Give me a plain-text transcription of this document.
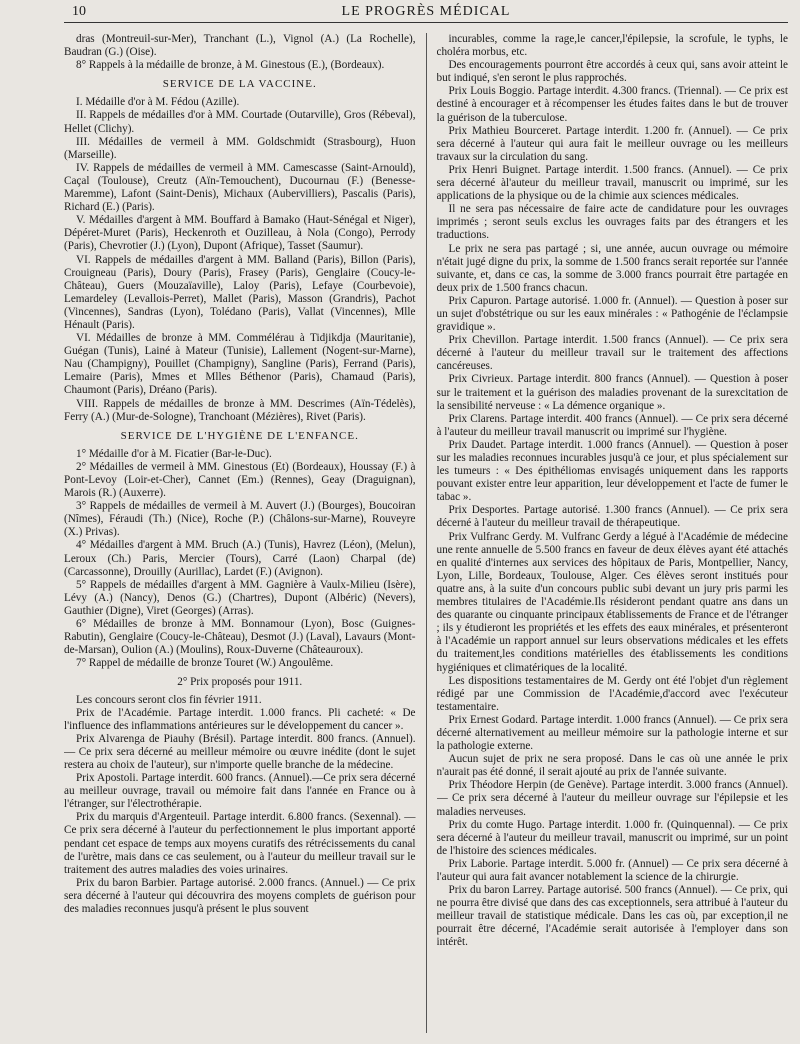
10	LE PROGRÈS MÉDICAL

dras (Montreuil-sur-Mer), Tranchant (L.), Vignol (A.) (La Rochelle), Baudran (G.) (Oise).

8° Rappels à la médaille de bronze, à M. Ginestous (E.), (Bordeaux).

SERVICE DE LA VACCINE.

I. Médaille d'or à M. Fédou (Azille).

II. Rappels de médailles d'or à MM. Courtade (Outarville), Gros (Rébeval), Hellet (Clichy).

III. Médailles de vermeil à MM. Goldschmidt (Strasbourg), Huon (Marseille).

IV. Rappels de médailles de vermeil à MM. Camescasse (Saint-Arnould), Caçal (Toulouse), Creutz (Aïn-Temouchent), Ducournau (F.) (Benesse-Maremme), Lafont (Saint-Denis), Michaux (Aubervilliers), Pascalis (Paris), Richard (E.) (Paris).

V. Médailles d'argent à MM. Bouffard à Bamako (Haut-Sénégal et Niger), Dépéret-Muret (Paris), Heckenroth et Ouzilleau, à Nola (Congo), Perrody (Paris), Chevrotier (J.) (Lyon), Dupont (Afrique), Tasset (Saumur).

VI. Rappels de médailles d'argent à MM. Balland (Paris), Billon (Paris), Crouigneau (Paris), Doury (Paris), Frasey (Paris), Genglaire (Coucy-le-Château), Guers (Mouzaïaville), Laloy (Paris), Lefaye (Courbevoie), Lemardeley (Levallois-Perret), Mallet (Paris), Masson (Grandris), Pachot (Vincennes), Sandras (Lyon), Tolédano (Paris), Vallat (Vincennes), Mlle Hénault (Paris).

VI. Médailles de bronze à MM. Commélérau à Tidjikdja (Mauritanie), Guégan (Tunis), Lainé à Mateur (Tunisie), Lallement (Nogent-sur-Marne), Nau (Champigny), Pouillet (Champigny), Sangline (Paris), Ferrand (Paris), Lemaire (Paris), Mmes et Mlles Béthenor (Paris), Chamaud (Paris), Chaumont (Paris), Dréano (Paris).

VIII. Rappels de médailles de bronze à MM. Descrimes (Aïn-Tédelès), Ferry (A.) (Mur-de-Sologne), Tranchoant (Mézières), Rivet (Paris).

SERVICE DE L'HYGIÈNE DE L'ENFANCE.

1° Médaille d'or à M. Ficatier (Bar-le-Duc).

2° Médailles de vermeil à MM. Ginestous (Et) (Bordeaux), Houssay (F.) à Pont-Levoy (Loir-et-Cher), Cannet (Em.) (Rennes), Geay (Draguignan), Marois (R.) (Auxerre).

3° Rappels de médailles de vermeil à M. Auvert (J.) (Bourges), Boucoiran (Nîmes), Féraudi (Th.) (Nice), Roche (P.) (Châlons-sur-Marne), Rouveyre (X.) Privas).

4° Médailles d'argent à MM. Bruch (A.) (Tunis), Havrez (Léon), (Melun), Leroux (Ch.) Paris, Mercier (Tours), Carré (Laon) Charpal (de) (Carcassonne), Drouilly (Aurillac), Lardet (F.) (Avignon).

5° Rappels de médailles d'argent à MM. Gagnière à Vaulx-Milieu (Isère), Lévy (A.) (Nancy), Denos (G.) (Chartres), Dupont (Albéric) (Nevers), Gauthier (Digne), Viret (Georges) (Arras).

6° Médailles de bronze à MM. Bonnamour (Lyon), Bosc (Guignes-Rabutin), Genglaire (Coucy-le-Château), Desmot (J.) (Laval), Lavaurs (Mont-de-Marsan), Oulion (A.) (Moulins), Roux-Duverne (Châteauroux).

7° Rappel de médaille de bronze Touret (W.) Angoulême.

2° Prix proposés pour 1911.

Les concours seront clos fin février 1911.

Prix de l'Académie. Partage interdit. 1.000 francs. Pli cacheté: « De l'influence des inflammations antérieures sur le développement du cancer ».

Prix Alvarenga de Piauhy (Brésil). Partage interdit. 800 francs. (Annuel). — Ce prix sera décerné au meilleur mémoire ou œuvre inédite (dont le sujet restera au choix de l'auteur), sur n'importe quelle branche de la médecine.

Prix Apostoli. Partage interdit. 600 francs. (Annuel).—Ce prix sera décerné au meilleur ouvrage, travail ou mémoire fait dans l'année en France ou à l'étranger, sur l'électrothérapie.

Prix du marquis d'Argenteuil. Partage interdit. 6.800 francs. (Sexennal). — Ce prix sera décerné à l'auteur du perfectionnement le plus important apporté pendant cet espace de temps aux moyens curatifs des rétrécissements du canal de l'urètre, mais dans ce cas seulement, ou à l'auteur du meilleur travail sur le traitement des autres maladies des voies urinaires.

Prix du baron Barbier. Partage autorisé. 2.000 francs. (Annuel.) — Ce prix sera décerné à l'auteur qui découvrira des moyens complets de guérison pour des maladies reconnues jusqu'à présent le plus souvent

incurables, comme la rage,le cancer,l'épilepsie, la scrofule, le typhs, le choléra morbus, etc.

Des encouragements pourront être accordés à ceux qui, sans avoir atteint le but indiqué, s'en seront le plus rapprochés.

Prix Louis Boggio. Partage interdit. 4.300 francs. (Triennal). — Ce prix est destiné à encourager et à récompenser les études faites dans le but de trouver la guérison de la tuberculose.

Prix Mathieu Bourceret. Partage interdit. 1.200 fr. (Annuel). — Ce prix sera décerné à l'auteur qui aura fait le meilleur ouvrage ou les meilleurs travaux sur la circulation du sang.

Prix Henri Buignet. Partage interdit. 1.500 francs. (Annuel). — Ce prix sera décerné àl'auteur du meilleur travail, manuscrit ou imprimé, sur les applications de la physique ou de la chimie aux sciences médicales.

Il ne sera pas nécessaire de faire acte de candidature pour les ouvrages imprimés ; seront seuls exclus les ouvrages faits par des étrangers et les traductions.

Le prix ne sera pas partagé ; si, une année, aucun ouvrage ou mémoire n'était jugé digne du prix, la somme de 1.500 francs serait reportée sur l'année suivante, et, dans ce cas, la somme de 3.000 francs pourrait être partagée en deux prix de 1.500 francs chacun.

Prix Capuron. Partage autorisé. 1.000 fr. (Annuel). — Question à poser sur un sujet d'obstétrique ou sur les eaux minérales : « Pathogénie de l'éclampsie gravidique ».

Prix Chevillon. Partage interdit. 1.500 francs (Annuel). — Ce prix sera décerné à l'auteur du meilleur travail sur le traitement des affections cancéreuses.

Prix Civrieux. Partage interdit. 800 francs (Annuel). — Question à poser sur le traitement et la guérison des maladies provenant de la surexcitation de la sensibilité nerveuse : « La démence organique ».

Prix Clarens. Partage interdit. 400 francs (Annuel). — Ce prix sera décerné à l'auteur du meilleur travail manuscrit ou imprimé sur l'hygiène.

Prix Daudet. Partage interdit. 1.000 francs (Annuel). — Question à poser sur les maladies reconnues incurables jusqu'à ce jour, et plus spécialement sur les tumeurs : « Des épithéliomas envisagés uniquement dans les rapports pouvant exister entre leur apparition, leur développement et l'acte de fumer le tabac ».

Prix Desportes. Partage autorisé. 1.300 francs (Annuel). — Ce prix sera décerné à l'auteur du meilleur travail de thérapeutique.

Prix Vulfranc Gerdy. M. Vulfranc Gerdy a légué à l'Académie de médecine une rente annuelle de 5.500 francs en faveur de deux élèves ayant été attachés en qualité d'internes aux services des hôpitaux de Paris, Montpellier, Nancy, Lyon, Lille, Bordeaux, Toulouse, Alger. Ces élèves seront institués pour quatre ans, à la suite d'un concours public subi devant un jury pris parmi les membres titulaires de l'Académie.Ils résideront pendant quatre ans dans un des quarante ou cinquante principaux établissements de France et de l'étranger ; ils y étudieront les propriétés et les effets des eaux minérales, et présenteront à l'Académie un rapport annuel sur leurs observations médicales et les effets du traitement,les conditions matérielles des établissements les conditions hygiéniques et climatériques de la localité.

Les dispositions testamentaires de M. Gerdy ont été l'objet d'un règlement rédigé par une Commission de l'Académie,d'accord avec l'exécuteur testamentaire.

Prix Ernest Godard. Partage interdit. 1.000 francs (Annuel). — Ce prix sera décerné alternativement au meilleur mémoire sur la pathologie interne et sur la pathologie externe.

Aucun sujet de prix ne sera proposé. Dans le cas où une année le prix n'aurait pas été donné, il serait ajouté au prix de l'année suivante.

Prix Théodore Herpin (de Genève). Partage interdit. 3.000 francs (Annuel). — Ce prix sera décerné à l'auteur du meilleur ouvrage sur l'épilepsie et les maladies nerveuses.

Prix du comte Hugo. Partage interdit. 1.000 fr. (Quinquennal). — Ce prix sera décerné à l'auteur du meilleur travail, manuscrit ou imprimé, sur un point de l'histoire des sciences médicales.

Prix Laborie. Partage interdit. 5.000 fr. (Annuel) — Ce prix sera décerné à l'auteur qui aura fait avancer notablement la science de la chirurgie.

Prix du baron Larrey. Partage autorisé. 500 francs (Annuel). — Ce prix, qui ne pourra être divisé que dans des cas exceptionnels, sera attribué à l'auteur du meilleur travail de statistique médicale. Dans les cas où, par exception,il ne pourrait être décerné, l'Académie serait autorisée à l'employer dans son intérêt.
